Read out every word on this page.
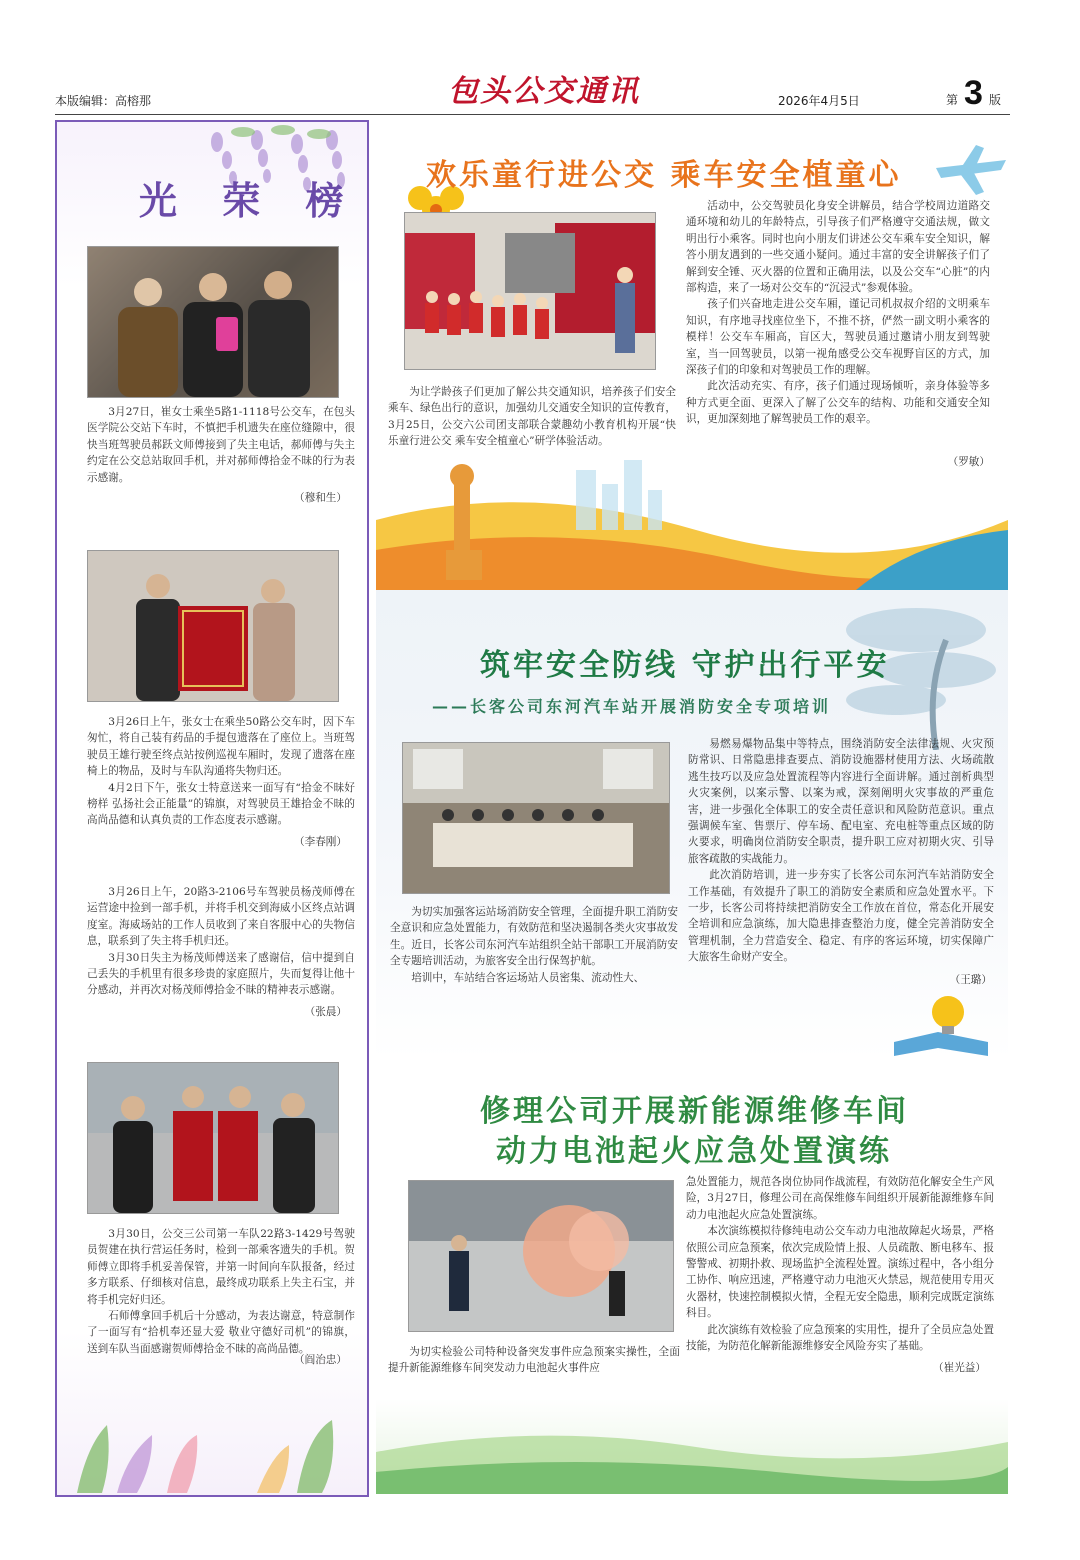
本版编辑：高榕那	包头公交通讯	2026年4月5日	第 3 版
光 荣 榜

3月27日，崔女士乘坐5路1-1118号公交车，在包头医学院公交站下车时，不慎把手机遗失在座位缝隙中，很快当班驾驶员郝跃文师傅接到了失主电话，郝师傅与失主约定在公交总站取回手机，并对郝师傅拾金不昧的行为表示感谢。

（穆和生）

3月26日上午，张女士在乘坐50路公交车时，因下车匆忙，将自己装有药品的手提包遗落在了座位上。当班驾驶员王雄行驶至终点站按例巡视车厢时，发现了遗落在座椅上的物品，及时与车队沟通将失物归还。

4月2日下午，张女士特意送来一面写有“拾金不昧好榜样 弘扬社会正能量”的锦旗，对驾驶员王雄拾金不昧的高尚品德和认真负责的工作态度表示感谢。

（李春刚）

3月26日上午，20路3-2106号车驾驶员杨茂师傅在运营途中捡到一部手机，并将手机交到海威小区终点站调度室。海威场站的工作人员收到了来自客服中心的失物信息，联系到了失主将手机归还。

3月30日失主为杨茂师傅送来了感谢信，信中提到自己丢失的手机里有很多珍贵的家庭照片，失而复得让他十分感动，并再次对杨茂师傅拾金不昧的精神表示感谢。

（张晨）

3月30日，公交三公司第一车队22路3-1429号驾驶员贺建在执行营运任务时，检到一部乘客遗失的手机。贺师傅立即将手机妥善保管，并第一时间向车队报备，经过多方联系、仔细核对信息，最终成功联系上失主石宝，并将手机完好归还。

石师傅拿回手机后十分感动，为表达谢意，特意制作了一面写有“拾机奉还显大爱 敬业守德好司机”的锦旗，送到车队当面感谢贺师傅拾金不昧的高尚品德。

（阎治忠）
欢乐童行进公交 乘车安全植童心

为让学龄孩子们更加了解公共交通知识，培养孩子们安全乘车、绿色出行的意识，加强幼儿交通安全知识的宣传教育，3月25日，公交六公司团支部联合蒙趣幼小教育机构开展“快乐童行进公交 乘车安全植童心”研学体验活动。

活动中，公交驾驶员化身安全讲解员，结合学校周边道路交通环境和幼儿的年龄特点，引导孩子们严格遵守交通法规，做文明出行小乘客。同时也向小朋友们讲述公交车乘车安全知识，解答小朋友遇到的一些交通小疑问。通过丰富的安全讲解孩子们了解到安全锤、灭火器的位置和正确用法，以及公交车“心脏”的内部构造，来了一场对公交车的“沉浸式”参观体验。

孩子们兴奋地走进公交车厢，谨记司机叔叔介绍的文明乘车知识，有序地寻找座位坐下，不推不挤，俨然一副文明小乘客的模样！公交车车厢高，盲区大，驾驶员通过邀请小朋友到驾驶室，当一回驾驶员，以第一视角感受公交车视野盲区的方式，加深孩子们的印象和对驾驶员工作的理解。

此次活动充实、有序，孩子们通过现场倾听，亲身体验等多种方式更全面、更深入了解了公交车的结构、功能和交通安全知识，更加深刻地了解驾驶员工作的艰辛。

（罗敏）
筑牢安全防线 守护出行平安
——长客公司东河汽车站开展消防安全专项培训

为切实加强客运站场消防安全管理，全面提升职工消防安全意识和应急处置能力，有效防范和坚决遏制各类火灾事故发生。近日，长客公司东河汽车站组织全站干部职工开展消防安全专题培训活动，为旅客安全出行保驾护航。

培训中，车站结合客运场站人员密集、流动性大、

易燃易爆物品集中等特点，围绕消防安全法律法规、火灾预防常识、日常隐患排查要点、消防设施器材使用方法、火场疏散逃生技巧以及应急处置流程等内容进行全面讲解。通过剖析典型火灾案例，以案示警、以案为戒，深刻阐明火灾事故的严重危害，进一步强化全体职工的安全责任意识和风险防范意识。重点强调候车室、售票厅、停车场、配电室、充电桩等重点区域的防火要求，明确岗位消防安全职责，提升职工应对初期火灾、引导旅客疏散的实战能力。

此次消防培训，进一步夯实了长客公司东河汽车站消防安全工作基础，有效提升了职工的消防安全素质和应急处置水平。下一步，长客公司将持续把消防安全工作放在首位，常态化开展安全培训和应急演练，加大隐患排查整治力度，健全完善消防安全管理机制，全力营造安全、稳定、有序的客运环境，切实保障广大旅客生命财产安全。

（王璐）
修理公司开展新能源维修车间
动力电池起火应急处置演练

为切实检验公司特种设备突发事件应急预案实操性，全面提升新能源维修车间突发动力电池起火事件应

急处置能力，规范各岗位协同作战流程，有效防范化解安全生产风险，3月27日，修理公司在高保维修车间组织开展新能源维修车间动力电池起火应急处置演练。

本次演练模拟待修纯电动公交车动力电池故障起火场景，严格依照公司应急预案，依次完成险情上报、人员疏散、断电移车、报警警戒、初期扑救、现场监护全流程处置。演练过程中，各小组分工协作、响应迅速，严格遵守动力电池灭火禁忌，规范使用专用灭火器材，快速控制模拟火情，全程无安全隐患，顺利完成既定演练科目。

此次演练有效检验了应急预案的实用性，提升了全员应急处置技能，为防范化解新能源维修安全风险夯实了基础。

（崔光益）
